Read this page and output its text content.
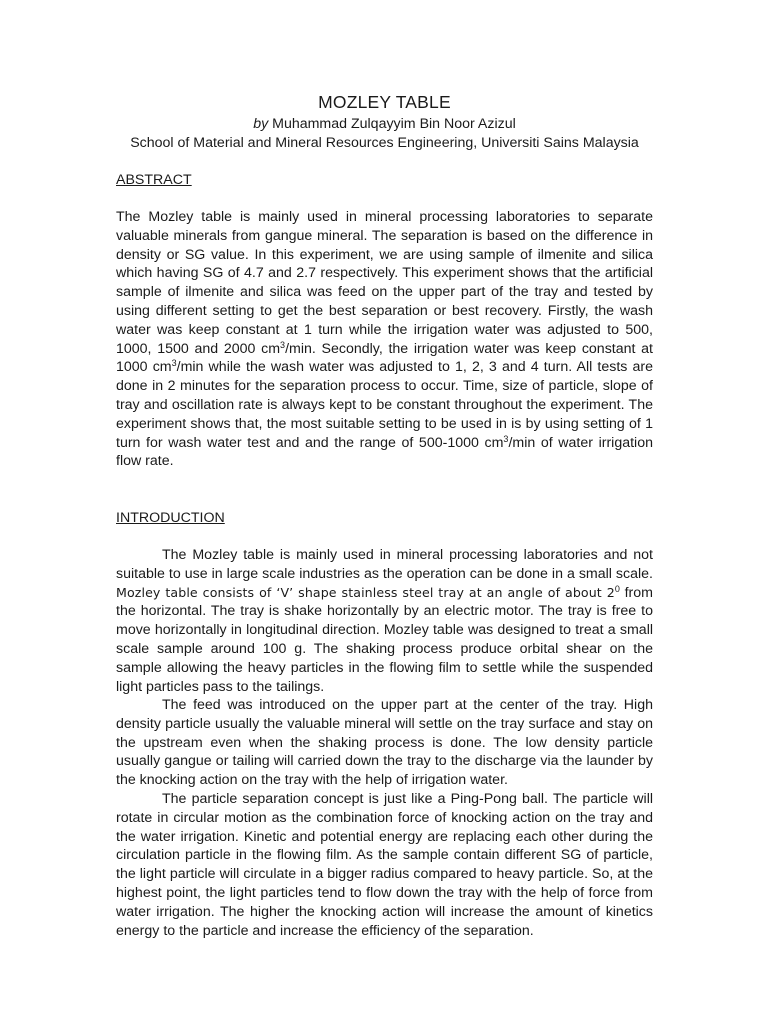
MOZLEY TABLE
by Muhammad Zulqayyim Bin Noor Azizul
School of Material and Mineral Resources Engineering, Universiti Sains Malaysia
ABSTRACT

The Mozley table is mainly used in mineral processing laboratories to separate valuable minerals from gangue mineral. The separation is based on the difference in density or SG value. In this experiment, we are using sample of ilmenite and silica which having SG of 4.7 and 2.7 respectively. This experiment shows that the artificial sample of ilmenite and silica was feed on the upper part of the tray and tested by using different setting to get the best separation or best recovery. Firstly, the wash water was keep constant at 1 turn while the irrigation water was adjusted to 500, 1000, 1500 and 2000 $cm^3/\min$. Secondly, the irrigation water was keep constant at 1000 $cm^3/\min$ while the wash water was adjusted to 1, 2, 3 and 4 turn. All tests are done in 2 minutes for the separation process to occur. Time, size of particle, slope of tray and oscillation rate is always kept to be constant throughout the experiment. The experiment shows that, the most suitable setting to be used in is by using setting of 1 turn for wash water test and and the range of 500-1000 $cm^3/\min$ of water irrigation flow rate.

INTRODUCTION

The Mozley table is mainly used in mineral processing laboratories and not suitable to use in large scale industries as the operation can be done in a small scale. Mozley table consists of ‘V’ shape stainless steel tray at an angle of about $2^0$ from the horizontal. The tray is shake horizontally by an electric motor. The tray is free to move horizontally in longitudinal direction. Mozley table was designed to treat a small scale sample around 100 g. The shaking process produce orbital shear on the sample allowing the heavy particles in the flowing film to settle while the suspended light particles pass to the tailings.

The feed was introduced on the upper part at the center of the tray. High density particle usually the valuable mineral will settle on the tray surface and stay on the upstream even when the shaking process is done. The low density particle usually gangue or tailing will carried down the tray to the discharge via the launder by the knocking action on the tray with the help of irrigation water.

The particle separation concept is just like a Ping-Pong ball. The particle will rotate in circular motion as the combination force of knocking action on the tray and the water irrigation. Kinetic and potential energy are replacing each other during the circulation particle in the flowing film. As the sample contain different SG of particle, the light particle will circulate in a bigger radius compared to heavy particle. So, at the highest point, the light particles tend to flow down the tray with the help of force from water irrigation. The higher the knocking action will increase the amount of kinetics energy to the particle and increase the efficiency of the separation.
